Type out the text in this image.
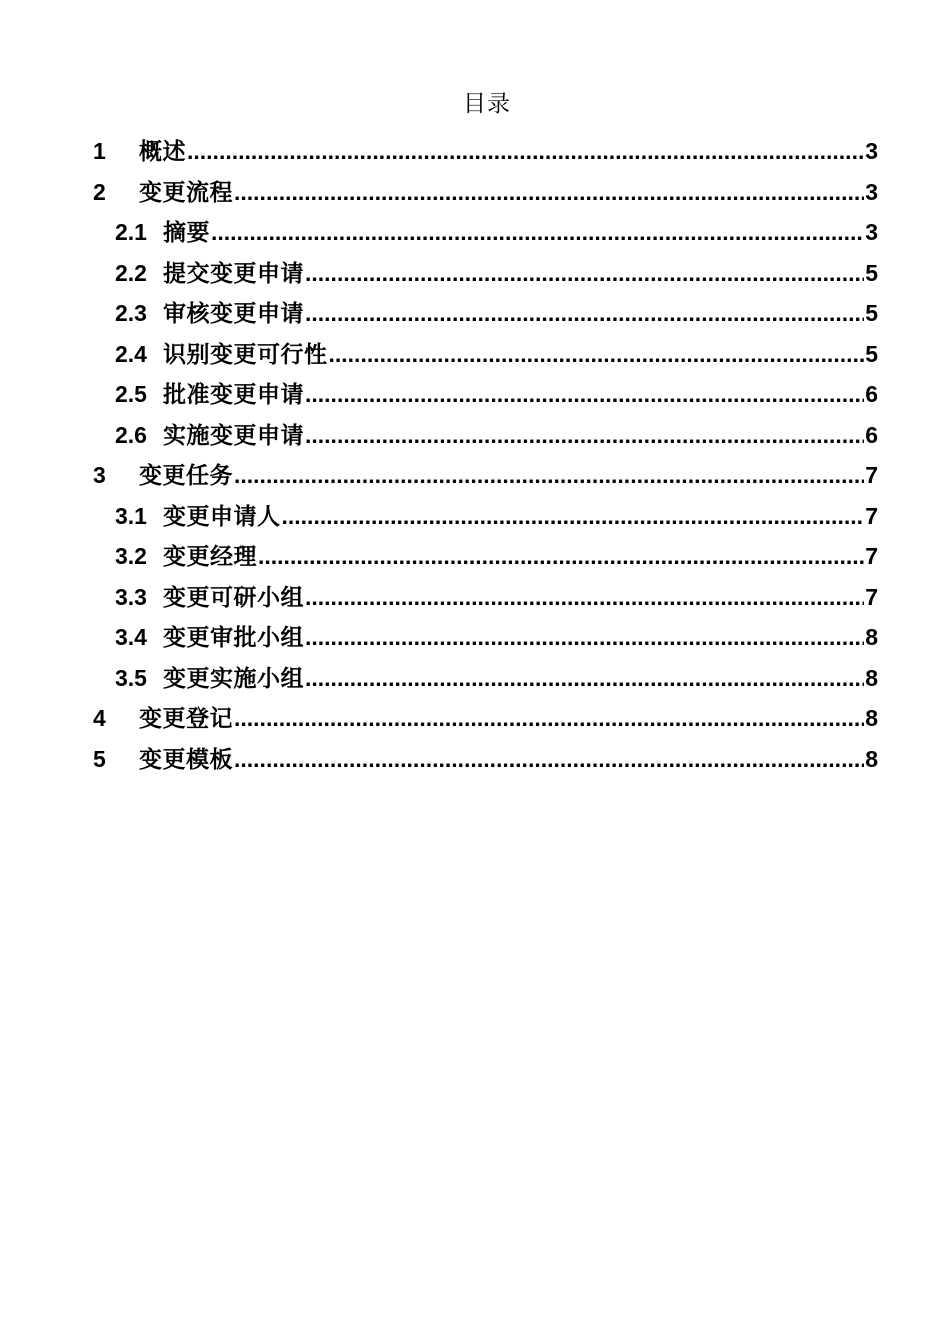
目录
1	概述 .....	3
2	变更流程 .....	3
2.1 摘要 .....	3
2.2 提交变更申请 .....	5
2.3 审核变更申请 .....	5
2.4 识别变更可行性 .....	5
2.5 批准变更申请 .....	6
2.6 实施变更申请 .....	6
3	变更任务 .....	7
3.1 变更申请人 .....	7
3.2 变更经理 .....	7
3.3 变更可研小组 .....	7
3.4 变更审批小组 .....	8
3.5 变更实施小组 .....	8
4	变更登记 .....	8
5	变更模板 .....	8
